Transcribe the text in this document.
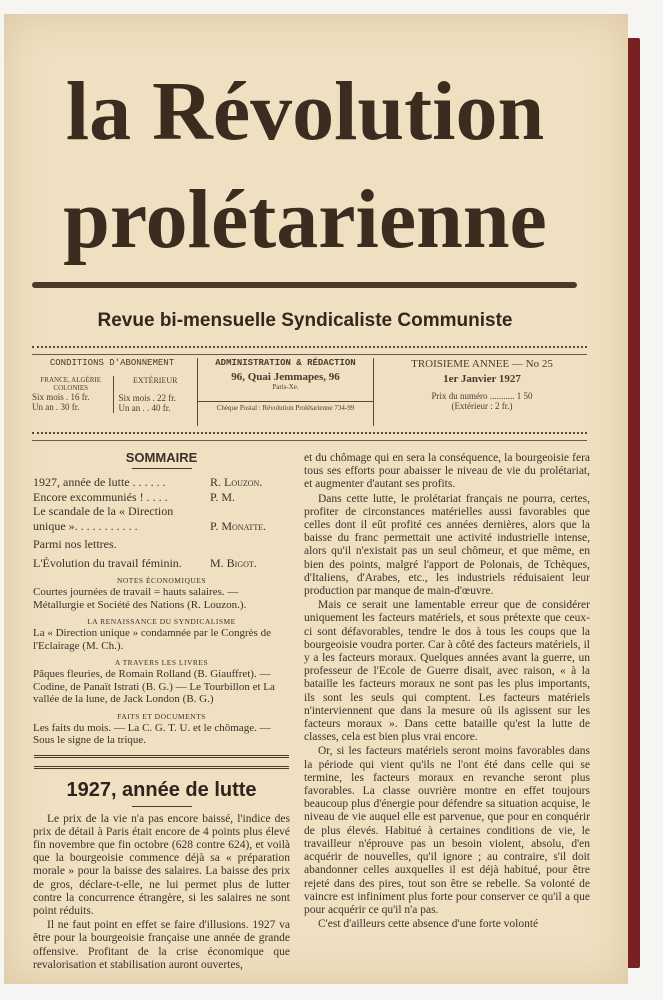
la Révolution
prolétarienne
Revue bi-mensuelle Syndicaliste Communiste
CONDITIONS D'ABONNEMENT
FRANCE, ALGÉRIE COLONIES
Six mois . 16 fr.
Un an . 30 fr.
EXTÉRIEUR
Six mois . 22 fr.
Un an . . 40 fr.
ADMINISTRATION & RÉDACTION
96, Quai Jemmapes, 96
Paris-Xe.
Chèque Postal : Révolution Prolétarienne 734-99
TROISIEME ANNEE — No 25
1er Janvier 1927
Prix du numéro ........... 1 50
(Extérieur : 2 fr.)
SOMMAIRE
1927, année de lutte . . . . . .	R. Louzon.
Encore excommuniés ! . . . .	P. M.
Le scandale de la « Direction unique ». . . . . . . . . . .	P. Monatte.
Parmi nos lettres.
L'Évolution du travail féminin. M. Bigot.
NOTES ÉCONOMIQUES
Courtes journées de travail = hauts salaires. — Métallurgie et Société des Nations (R. Louzon.).
LA RENAISSANCE DU SYNDICALISME
La « Direction unique » condamnée par le Congrès de l'Eclairage (M. Ch.).
A TRAVERS LES LIVRES
Pâques fleuries, de Romain Rolland (B. Giauffret). — Codine, de Panaït Istrati (B. G.) — Le Tourbillon et La vallée de la lune, de Jack London (B. G.)
FAITS ET DOCUMENTS
Les faits du mois. — La C. G. T. U. et le chômage. — Sous le signe de la trique.
1927, année de lutte

Le prix de la vie n'a pas encore baissé, l'indice des prix de détail à Paris était encore de 4 points plus élevé fin novembre que fin octobre (628 contre 624), et voilà que la bourgeoisie commence déjà sa « préparation morale » pour la baisse des salaires. La baisse des prix de gros, déclare-t-elle, ne lui permet plus de lutter contre la concurrence étrangère, si les salaires ne sont point réduits.

Il ne faut point en effet se faire d'illusions. 1927 va être pour la bourgeoisie française une année de grande offensive. Profitant de la crise économique que revalorisation et stabilisation auront ouvertes,

et du chômage qui en sera la conséquence, la bourgeoisie fera tous ses efforts pour abaisser le niveau de vie du prolétariat, et augmenter d'autant ses profits.

Dans cette lutte, le prolétariat français ne pourra, certes, profiter de circonstances matérielles aussi favorables que celles dont il eût profité ces années dernières, alors que la baisse du franc permettait une activité industrielle intense, alors qu'il n'existait pas un seul chômeur, et que même, en bien des points, malgré l'apport de Polonais, de Tchèques, d'Italiens, d'Arabes, etc., les industriels réduisaient leur production par manque de main-d'œuvre.

Mais ce serait une lamentable erreur que de considérer uniquement les facteurs matériels, et sous prétexte que ceux-ci sont défavorables, tendre le dos à tous les coups que la bourgeoisie voudra porter. Car à côté des facteurs matériels, il y a les facteurs moraux. Quelques années avant la guerre, un professeur de l'Ecole de Guerre disait, avec raison, « à la bataille les facteurs moraux ne sont pas les plus importants, ils sont les seuls qui comptent. Les facteurs matériels n'interviennent que dans la mesure où ils agissent sur les facteurs moraux ». Dans cette bataille qu'est la lutte de classes, cela est bien plus vrai encore.

Or, si les facteurs matériels seront moins favorables dans la période qui vient qu'ils ne l'ont été dans celle qui se termine, les facteurs moraux en revanche seront plus favorables. La classe ouvrière montre en effet toujours beaucoup plus d'énergie pour défendre sa situation acquise, le niveau de vie auquel elle est parvenue, que pour en conquérir de plus élevés. Habitué à certaines conditions de vie, le travailleur n'éprouve pas un besoin violent, absolu, d'en acquérir de nouvelles, qu'il ignore ; au contraire, s'il doit abandonner celles auxquelles il est déjà habitué, pour être rejeté dans des pires, tout son être se rebelle. Sa volonté de vaincre est infiniment plus forte pour conserver ce qu'il a que pour acquérir ce qu'il n'a pas.

C'est d'ailleurs cette absence d'une forte volonté
